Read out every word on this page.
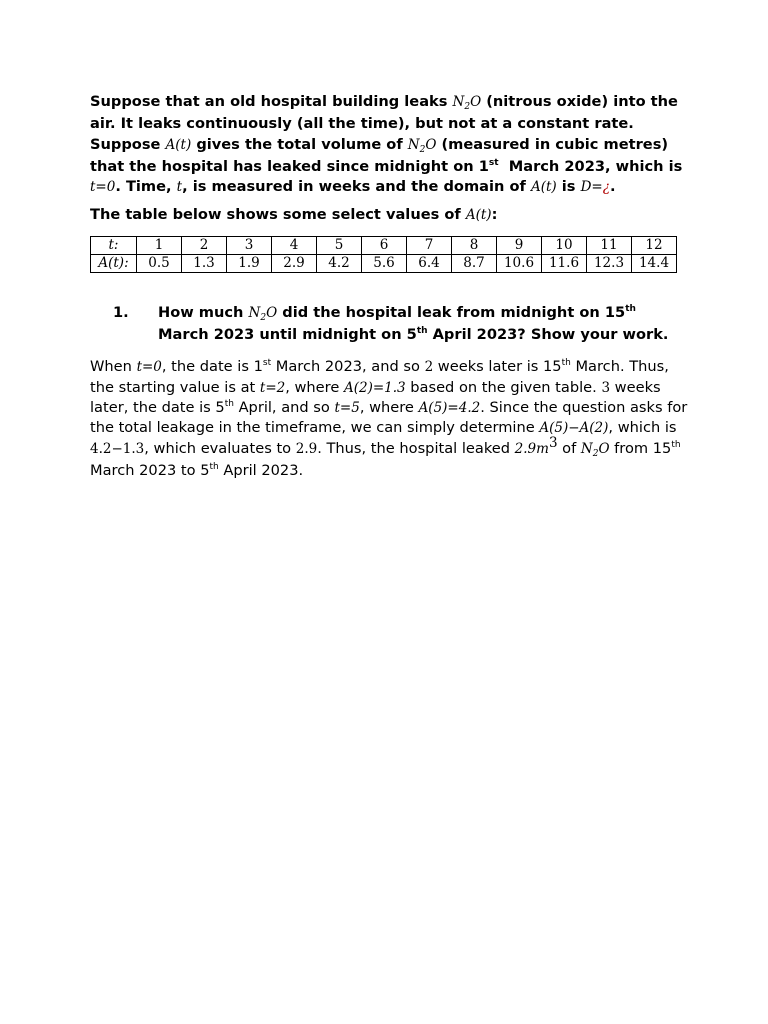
Suppose that an old hospital building leaks $N_2O$ (nitrous oxide) into the air. It leaks continuously (all the time), but not at a constant rate. Suppose A(t) gives the total volume of $N_2O$ (measured in cubic metres) that the hospital has leaked since midnight on 1st March 2023, which is t=0. Time, t, is measured in weeks and the domain of A(t) is D=¿.

The table below shows some select values of A(t):

t:	1	2	3	4	5	6	7	8	9	10	11	12
A(t):	0.5	1.3	1.9	2.9	4.2	5.6	6.4	8.7	10.6	11.6	12.3	14.4
1. How much $N_2O$ did the hospital leak from midnight on 15th March 2023 until midnight on 5th April 2023? Show your work.

When t=0, the date is 1st March 2023, and so 2 weeks later is 15th March. Thus, the starting value is at t=2, where A(2)=1.3 based on the given table. 3 weeks later, the date is 5th April, and so t=5, where A(5)=4.2. Since the question asks for the total leakage in the timeframe, we can simply determine A(5)−A(2), which is 4.2−1.3, which evaluates to 2.9. Thus, the hospital leaked $2.9m^3$ of $N_2O$ from 15th March 2023 to 5th April 2023.
